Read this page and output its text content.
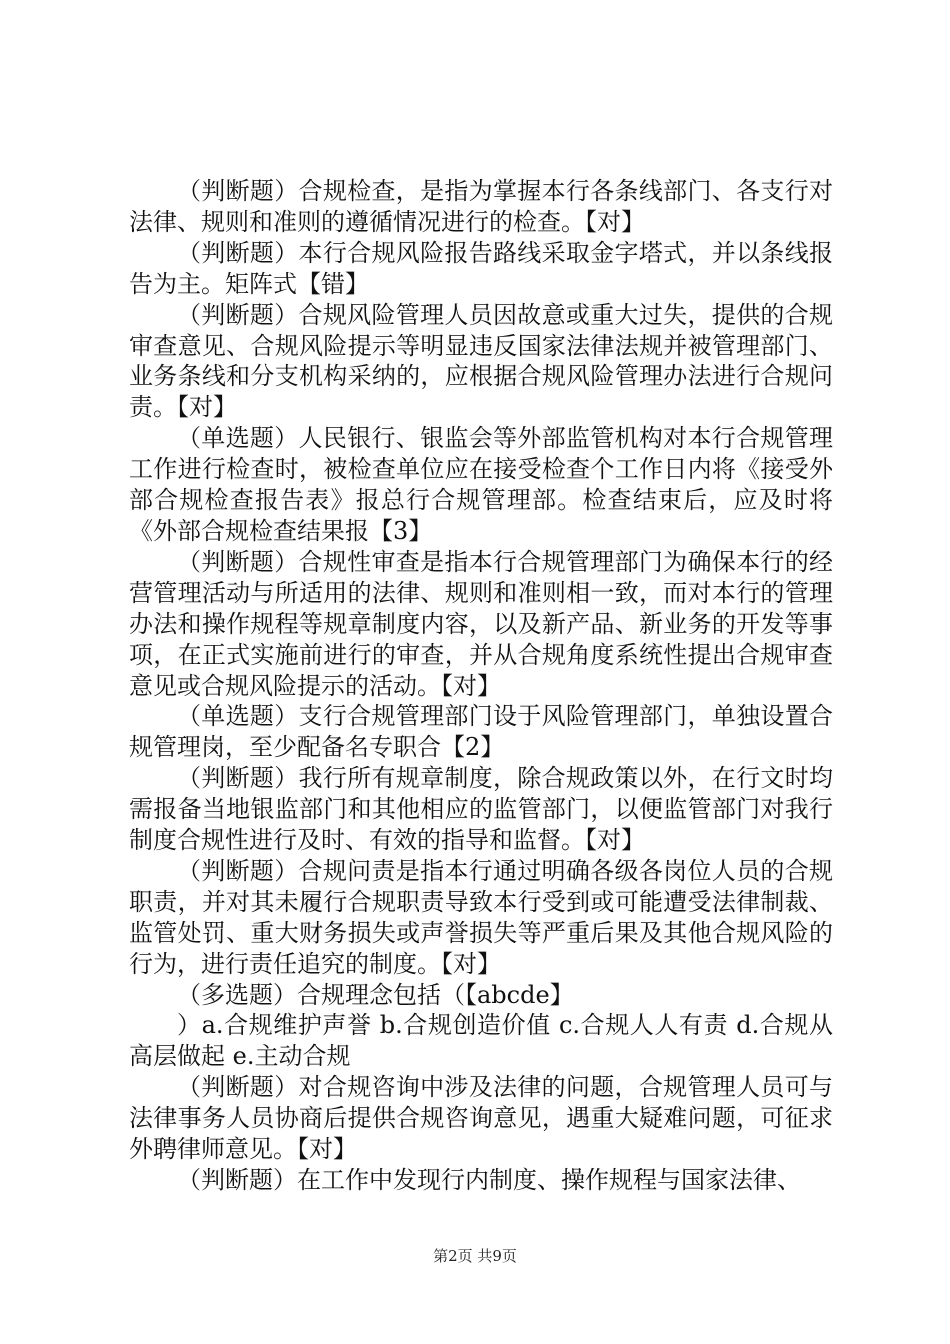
（判断题）合规检查，是指为掌握本行各条线部门、各支行对法律、规则和准则的遵循情况进行的检查。【对】

（判断题）本行合规风险报告路线采取金字塔式，并以条线报告为主。矩阵式【错】

（判断题）合规风险管理人员因故意或重大过失，提供的合规审查意见、合规风险提示等明显违反国家法律法规并被管理部门、业务条线和分支机构采纳的，应根据合规风险管理办法进行合规问责。【对】

（单选题）人民银行、银监会等外部监管机构对本行合规管理工作进行检查时，被检查单位应在接受检查个工作日内将《接受外部合规检查报告表》报总行合规管理部。检查结束后，应及时将《外部合规检查结果报【3】

（判断题）合规性审查是指本行合规管理部门为确保本行的经营管理活动与所适用的法律、规则和准则相一致，而对本行的管理办法和操作规程等规章制度内容，以及新产品、新业务的开发等事项，在正式实施前进行的审查，并从合规角度系统性提出合规审查意见或合规风险提示的活动。【对】

（单选题）支行合规管理部门设于风险管理部门，单独设置合规管理岗，至少配备名专职合【2】

（判断题）我行所有规章制度，除合规政策以外，在行文时均需报备当地银监部门和其他相应的监管部门，以便监管部门对我行制度合规性进行及时、有效的指导和监督。【对】

（判断题）合规问责是指本行通过明确各级各岗位人员的合规职责，并对其未履行合规职责导致本行受到或可能遭受法律制裁、监管处罚、重大财务损失或声誉损失等严重后果及其他合规风险的行为，进行责任追究的制度。【对】

（多选题）合规理念包括（【abcde】

）a.合规维护声誉 b.合规创造价值 c.合规人人有责 d.合规从高层做起 e.主动合规

（判断题）对合规咨询中涉及法律的问题，合规管理人员可与法律事务人员协商后提供合规咨询意见，遇重大疑难问题，可征求外聘律师意见。【对】

（判断题）在工作中发现行内制度、操作规程与国家法律、

第2页 共9页
